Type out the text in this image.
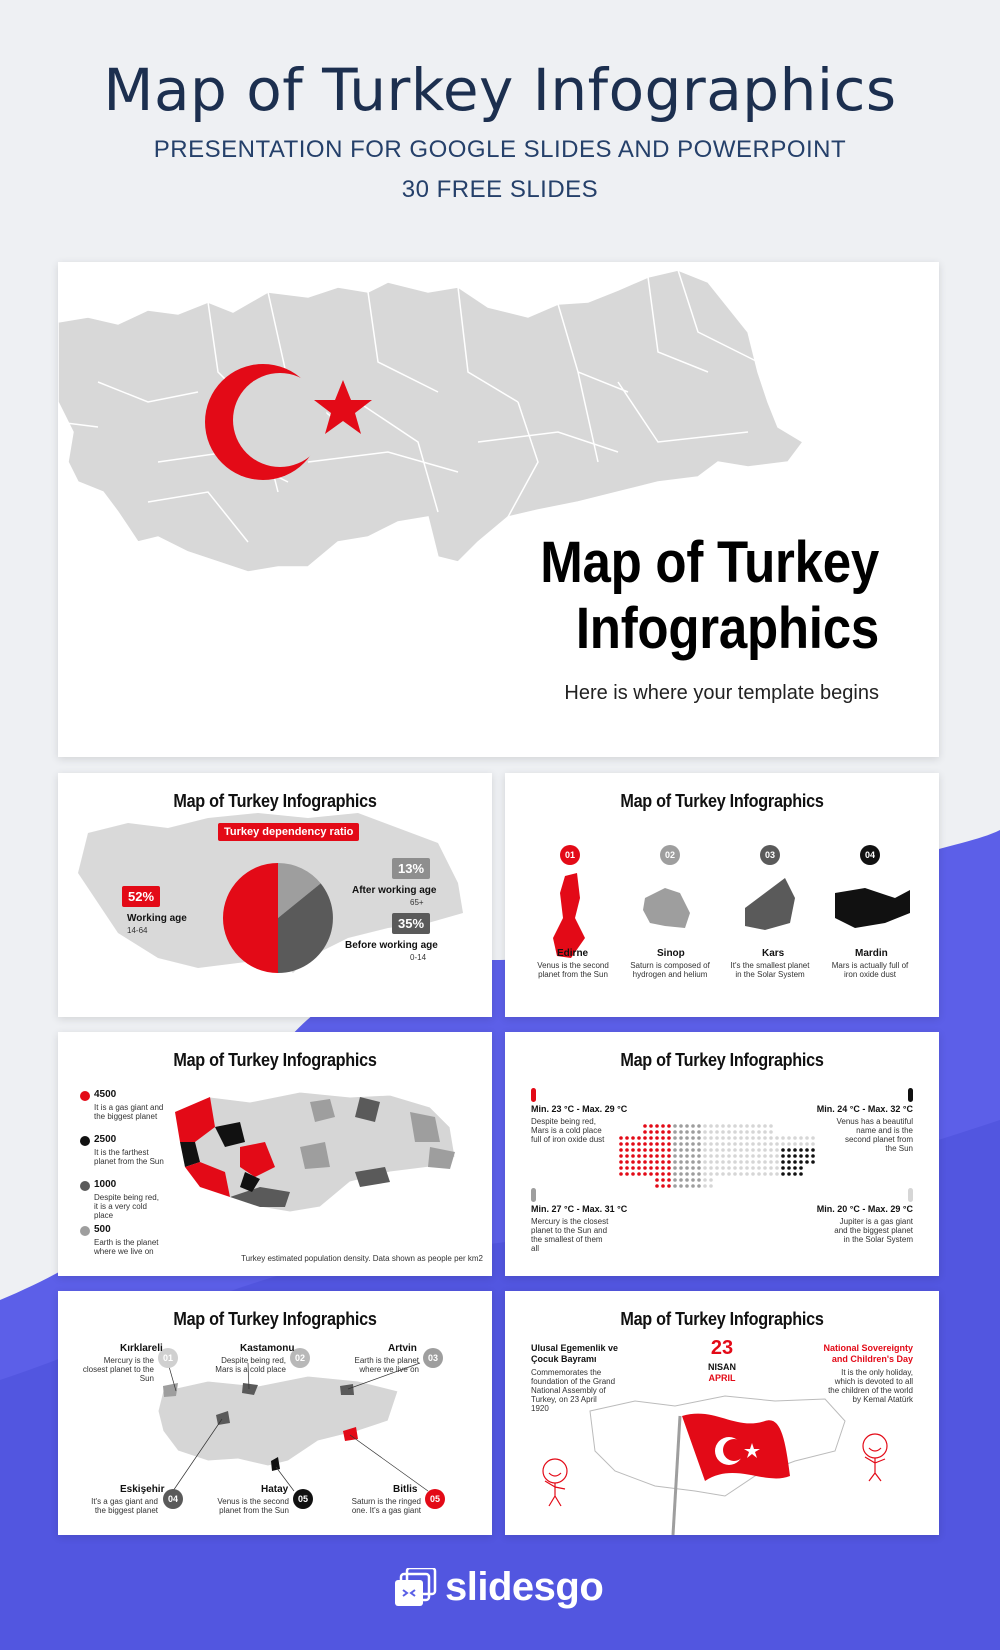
Map of Turkey Infographics
PRESENTATION FOR GOOGLE SLIDES AND POWERPOINT
30 FREE SLIDES
Map of Turkey
Infographics
Here is where your template begins
Map of Turkey Infographics
Turkey dependency ratio
52%
Working age
14-64
13%
After working age
65+
35%
Before working age
0-14
Map of Turkey Infographics
01	02	03	04
Edirne
Venus is the second planet from the Sun
Sinop
Saturn is composed of hydrogen and helium
Kars
It's the smallest planet in the Solar System
Mardin
Mars is actually full of iron oxide dust
Map of Turkey Infographics
4500
It is a gas giant and the biggest planet
2500
It is the farthest planet from the Sun
1000
Despite being red, it is a very cold place
500
Earth is the planet where we live on
Turkey estimated population density. Data shown as people per km2
Map of Turkey Infographics
Min. 23 °C - Max. 29 °C
Despite being red, Mars is a cold place full of iron oxide dust
Min. 24 °C - Max. 32 °C
Venus has a beautiful name and is the second planet from the Sun
Min. 27 °C - Max. 31 °C
Mercury is the closest planet to the Sun and the smallest of them all
Min. 20 °C - Max. 29 °C
Jupiter is a gas giant and the biggest planet in the Solar System
Map of Turkey Infographics
01
Kırklareli
Mercury is the closest planet to the Sun
02
Kastamonu
Despite being red, Mars is a cold place
03
Artvin
Earth is the planet where we live on
04
Eskişehir
It's a gas giant and the biggest planet
05
Hatay
Venus is the second planet from the Sun
05
Bitlis
Saturn is the ringed one. It's a gas giant
Map of Turkey Infographics
Ulusal Egemenlik ve Çocuk Bayramı
Commemorates the foundation of the Grand National Assembly of Turkey, on 23 April 1920
23
NISAN
APRIL
National Sovereignty and Children's Day
It is the only holiday, which is devoted to all the children of the world by Kemal Atatürk
slidesgo
